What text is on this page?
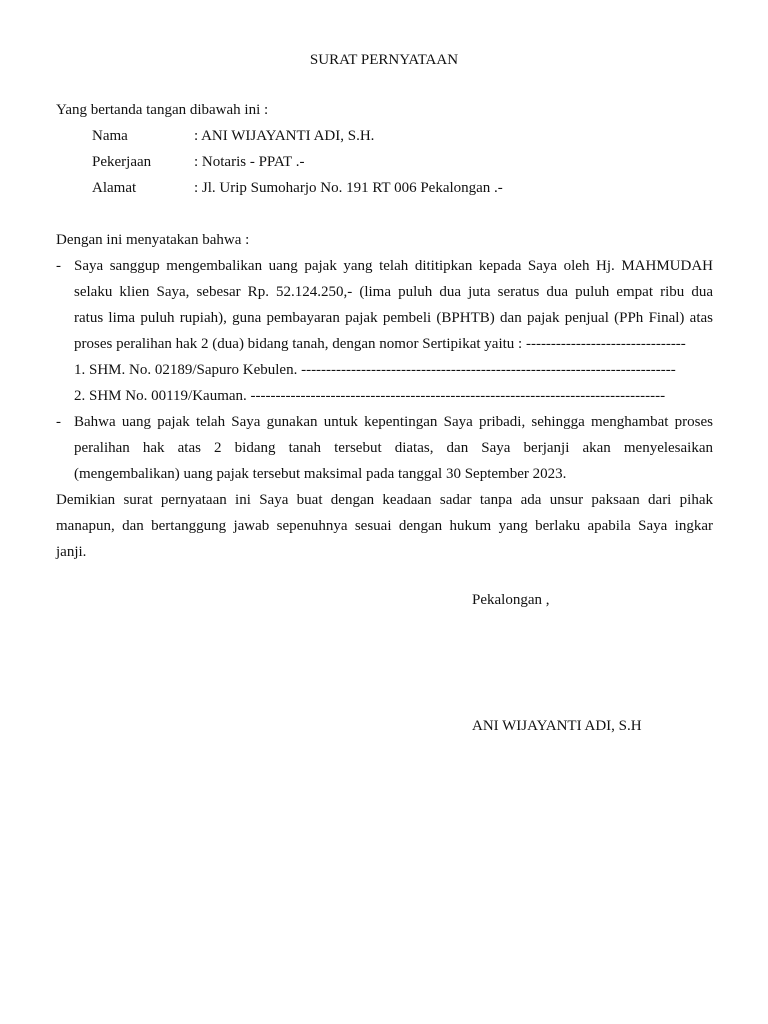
SURAT PERNYATAAN
Yang bertanda tangan dibawah ini :
Nama	: ANI WIJAYANTI ADI, S.H.
Pekerjaan	: Notaris - PPAT .-
Alamat	: Jl. Urip Sumoharjo No. 191 RT 006 Pekalongan .-
Dengan ini menyatakan bahwa :
- Saya sanggup mengembalikan uang pajak yang telah dititipkan kepada Saya oleh Hj. MAHMUDAH
selaku klien Saya, sebesar Rp. 52.124.250,- (lima puluh dua juta seratus dua puluh empat ribu dua
ratus lima puluh rupiah), guna pembayaran pajak pembeli (BPHTB) dan pajak penjual (PPh Final) atas
proses peralihan hak 2 (dua) bidang tanah, dengan nomor Sertipikat yaitu : --------------------------------
1. SHM. No. 02189/Sapuro Kebulen. ---------------------------------------------------------------------------
2. SHM No. 00119/Kauman. -----------------------------------------------------------------------------------
- Bahwa uang pajak telah Saya gunakan untuk kepentingan Saya pribadi, sehingga menghambat proses
peralihan hak atas 2 bidang tanah tersebut diatas, dan Saya berjanji akan menyelesaikan
(mengembalikan) uang pajak tersebut maksimal pada tanggal 30 September 2023.
Demikian surat pernyataan ini Saya buat dengan keadaan sadar tanpa ada unsur paksaan dari pihak
manapun, dan bertanggung jawab sepenuhnya sesuai dengan hukum yang berlaku apabila Saya ingkar
janji.
Pekalongan ,
ANI WIJAYANTI ADI, S.H
